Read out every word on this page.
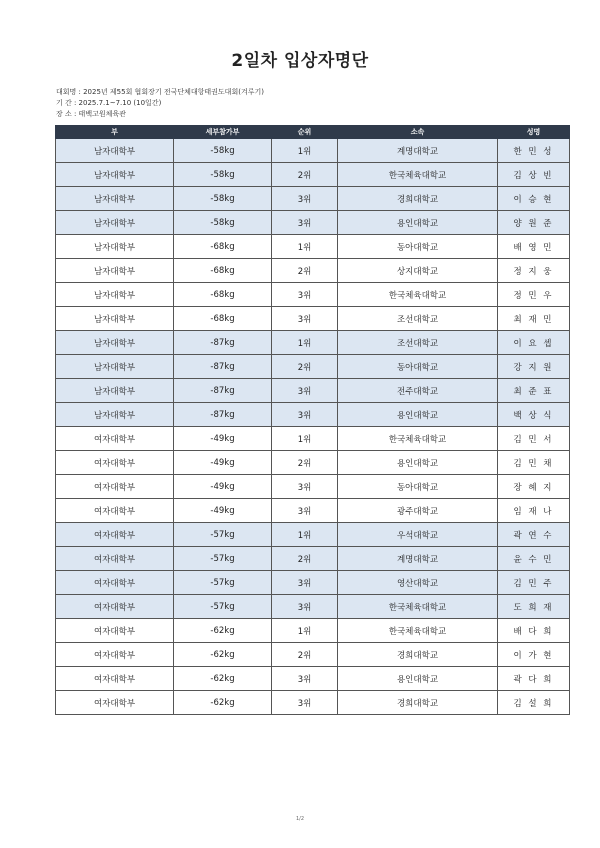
2일차 입상자명단
대회명 : 2025년 제55회 협회장기 전국단체대항태권도대회(겨루기)
기 간 : 2025.7.1~7.10 (10일간)
장 소 : 태백고원체육관
부	세부참가부	순위	소속	성명
남자대학부	-58kg	1위	계명대학교	한 민 성
남자대학부	-58kg	2위	한국체육대학교	김 상 빈
남자대학부	-58kg	3위	경희대학교	이 승 현
남자대학부	-58kg	3위	용인대학교	양 원 준
남자대학부	-68kg	1위	동아대학교	배 영 민
남자대학부	-68kg	2위	상지대학교	정 지 웅
남자대학부	-68kg	3위	한국체육대학교	정 민 우
남자대학부	-68kg	3위	조선대학교	최 재 민
남자대학부	-87kg	1위	조선대학교	이 요 셉
남자대학부	-87kg	2위	동아대학교	강 지 원
남자대학부	-87kg	3위	전주대학교	최 준 표
남자대학부	-87kg	3위	용인대학교	백 상 식
여자대학부	-49kg	1위	한국체육대학교	김 민 서
여자대학부	-49kg	2위	용인대학교	김 민 채
여자대학부	-49kg	3위	동아대학교	장 혜 지
여자대학부	-49kg	3위	광주대학교	임 재 나
여자대학부	-57kg	1위	우석대학교	곽 연 수
여자대학부	-57kg	2위	계명대학교	윤 수 민
여자대학부	-57kg	3위	영산대학교	김 민 주
여자대학부	-57kg	3위	한국체육대학교	도 희 재
여자대학부	-62kg	1위	한국체육대학교	배 다 희
여자대학부	-62kg	2위	경희대학교	이 가 현
여자대학부	-62kg	3위	용인대학교	곽 다 희
여자대학부	-62kg	3위	경희대학교	김 설 희
1/2
